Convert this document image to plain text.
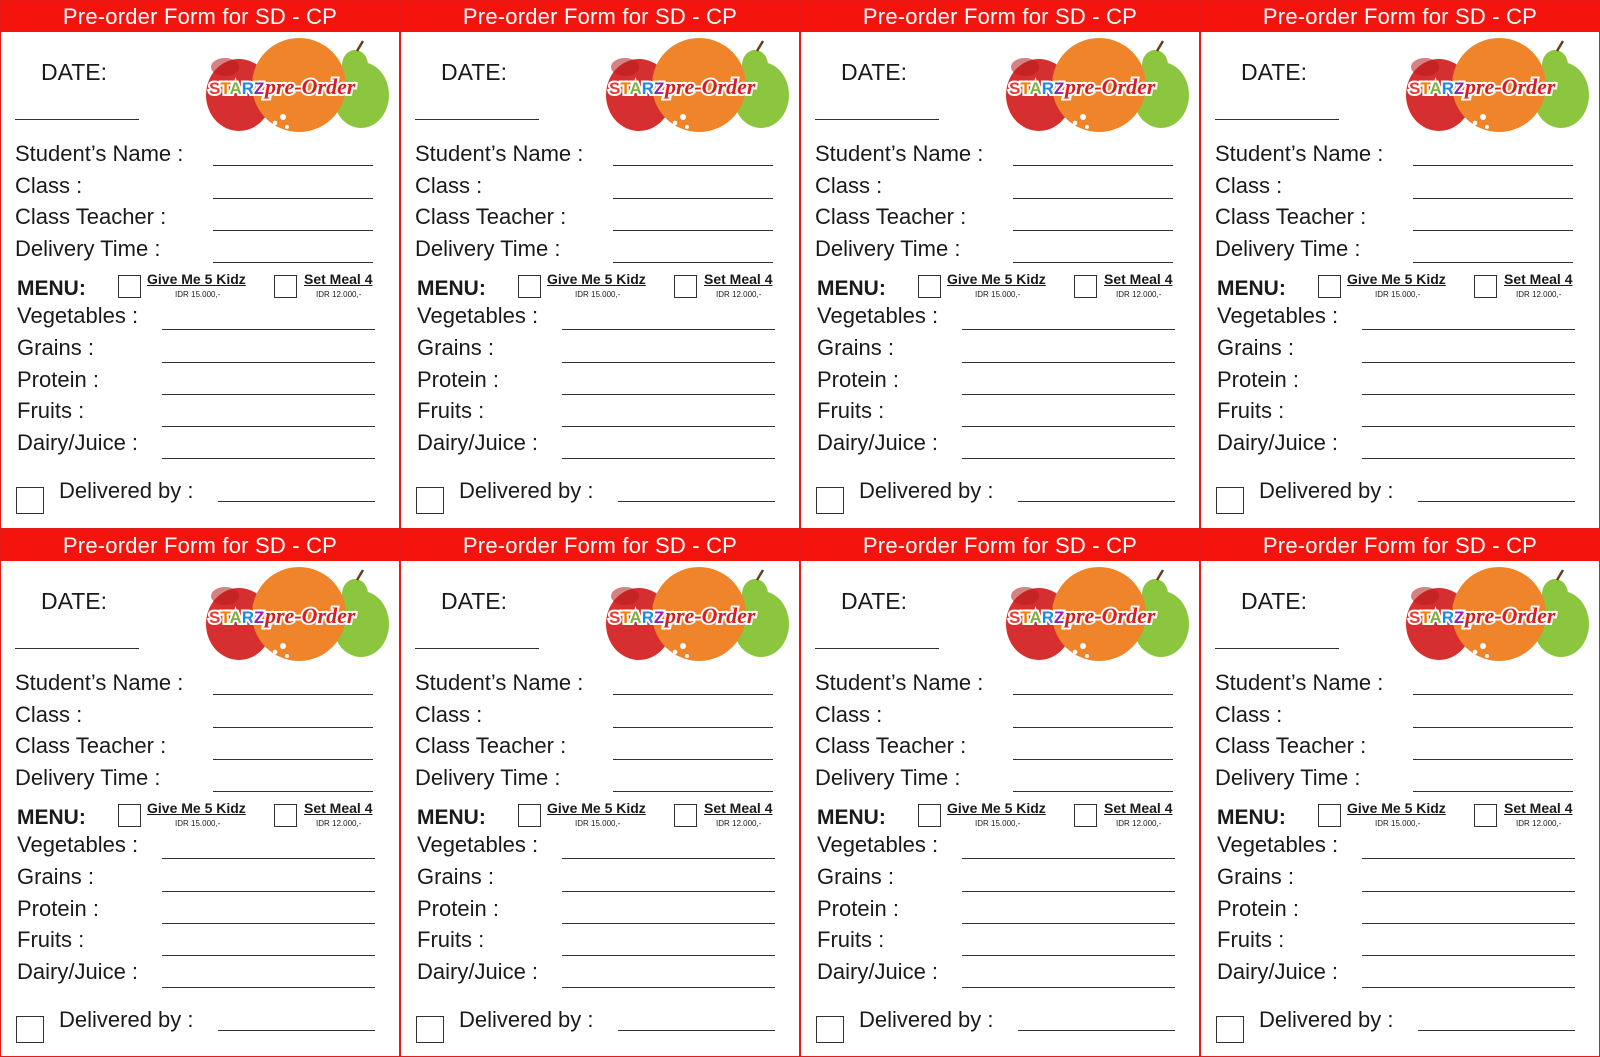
Pre-order Form for SD - CP
DATE:
STARZ pre-Order
Student’s Name :
Class :
Class Teacher :
Delivery Time :
MENU:	Give Me 5 Kidz
IDR 15.000,-
Set Meal 4
IDR 12.000,-
Vegetables :
Grains :
Protein :
Fruits :
Dairy/Juice :
Delivered by :
Pre-order Form for SD - CP
DATE:
STARZ pre-Order
Student’s Name :
Class :
Class Teacher :
Delivery Time :
MENU:	Give Me 5 Kidz
IDR 15.000,-
Set Meal 4
IDR 12.000,-
Vegetables :
Grains :
Protein :
Fruits :
Dairy/Juice :
Delivered by :
Pre-order Form for SD - CP
DATE:
STARZ pre-Order
Student’s Name :
Class :
Class Teacher :
Delivery Time :
MENU:	Give Me 5 Kidz
IDR 15.000,-
Set Meal 4
IDR 12.000,-
Vegetables :
Grains :
Protein :
Fruits :
Dairy/Juice :
Delivered by :
Pre-order Form for SD - CP
DATE:
STARZ pre-Order
Student’s Name :
Class :
Class Teacher :
Delivery Time :
MENU:	Give Me 5 Kidz
IDR 15.000,-
Set Meal 4
IDR 12.000,-
Vegetables :
Grains :
Protein :
Fruits :
Dairy/Juice :
Delivered by :
Pre-order Form for SD - CP
DATE:
STARZ pre-Order
Student’s Name :
Class :
Class Teacher :
Delivery Time :
MENU:	Give Me 5 Kidz
IDR 15.000,-
Set Meal 4
IDR 12.000,-
Vegetables :
Grains :
Protein :
Fruits :
Dairy/Juice :
Delivered by :
Pre-order Form for SD - CP
DATE:
STARZ pre-Order
Student’s Name :
Class :
Class Teacher :
Delivery Time :
MENU:	Give Me 5 Kidz
IDR 15.000,-
Set Meal 4
IDR 12.000,-
Vegetables :
Grains :
Protein :
Fruits :
Dairy/Juice :
Delivered by :
Pre-order Form for SD - CP
DATE:
STARZ pre-Order
Student’s Name :
Class :
Class Teacher :
Delivery Time :
MENU:	Give Me 5 Kidz
IDR 15.000,-
Set Meal 4
IDR 12.000,-
Vegetables :
Grains :
Protein :
Fruits :
Dairy/Juice :
Delivered by :
Pre-order Form for SD - CP
DATE:
STARZ pre-Order
Student’s Name :
Class :
Class Teacher :
Delivery Time :
MENU:	Give Me 5 Kidz
IDR 15.000,-
Set Meal 4
IDR 12.000,-
Vegetables :
Grains :
Protein :
Fruits :
Dairy/Juice :
Delivered by :
